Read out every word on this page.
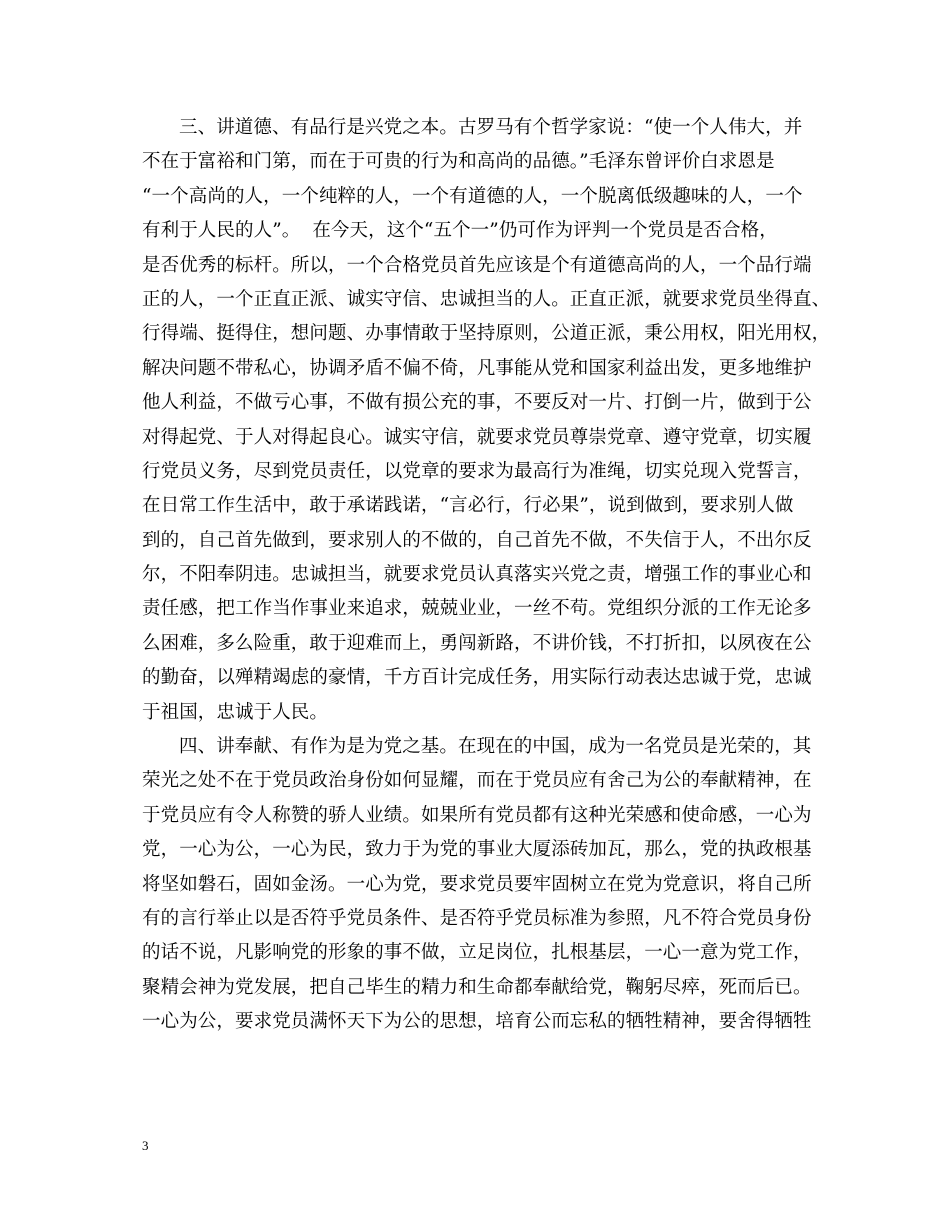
三、讲道德、有品行是兴党之本。古罗马有个哲学家说：“使一个人伟大，并
不在于富裕和门第，而在于可贵的行为和高尚的品德。”毛泽东曾评价白求恩是
“一个高尚的人，一个纯粹的人，一个有道德的人，一个脱离低级趣味的人，一个
有利于人民的人”。  在今天，这个“五个一”仍可作为评判一个党员是否合格，
是否优秀的标杆。所以，一个合格党员首先应该是个有道德高尚的人，一个品行端
正的人，一个正直正派、诚实守信、忠诚担当的人。正直正派，就要求党员坐得直、
行得端、挺得住，想问题、办事情敢于坚持原则，公道正派，秉公用权，阳光用权，
解决问题不带私心，协调矛盾不偏不倚，凡事能从党和国家利益出发，更多地维护
他人利益，不做亏心事，不做有损公充的事，不要反对一片、打倒一片，做到于公
对得起党、于人对得起良心。诚实守信，就要求党员尊崇党章、遵守党章，切实履
行党员义务，尽到党员责任，以党章的要求为最高行为准绳，切实兑现入党誓言，
在日常工作生活中，敢于承诺践诺，“言必行，行必果”，说到做到，要求别人做
到的，自己首先做到，要求别人的不做的，自己首先不做，不失信于人，不出尔反
尔，不阳奉阴违。忠诚担当，就要求党员认真落实兴党之责，增强工作的事业心和
责任感，把工作当作事业来追求，兢兢业业，一丝不苟。党组织分派的工作无论多
么困难，多么险重，敢于迎难而上，勇闯新路，不讲价钱，不打折扣，以夙夜在公
的勤奋，以殚精竭虑的豪情，千方百计完成任务，用实际行动表达忠诚于党，忠诚
于祖国，忠诚于人民。
四、讲奉献、有作为是为党之基。在现在的中国，成为一名党员是光荣的，其
荣光之处不在于党员政治身份如何显耀，而在于党员应有舍己为公的奉献精神，在
于党员应有令人称赞的骄人业绩。如果所有党员都有这种光荣感和使命感，一心为
党，一心为公，一心为民，致力于为党的事业大厦添砖加瓦，那么，党的执政根基
将坚如磐石，固如金汤。一心为党，要求党员要牢固树立在党为党意识，将自己所
有的言行举止以是否符乎党员条件、是否符乎党员标准为参照，凡不符合党员身份
的话不说，凡影响党的形象的事不做，立足岗位，扎根基层，一心一意为党工作，
聚精会神为党发展，把自己毕生的精力和生命都奉献给党，鞠躬尽瘁，死而后已。
一心为公，要求党员满怀天下为公的思想，培育公而忘私的牺牲精神，要舍得牺牲
3
